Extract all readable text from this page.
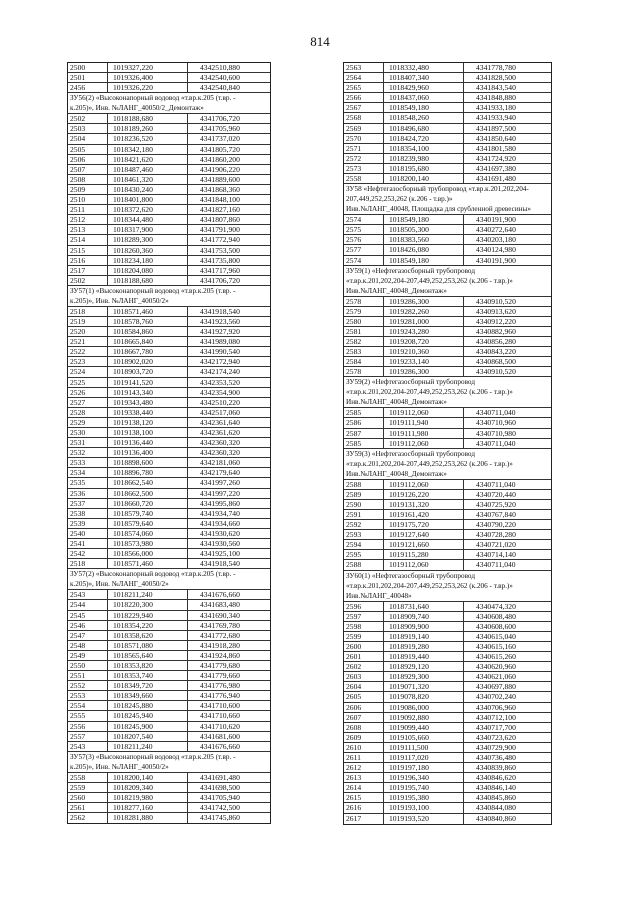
814
2500	1019327,220	4342510,880
2501	1019326,400	4342540,600
2456	1019326,220	4342540,840
ЗУ56(2) «Высоконапорный водовод «т.вр.к.205 (т.вр. -
к.205)», Инв. №ЛАНГ_40050/2_Демонтаж»
2502	1018188,680	4341706,720
2503	1018189,260	4341705,960
2504	1018236,520	4341737,020
2505	1018342,180	4341805,720
2506	1018421,620	4341860,200
2507	1018487,460	4341906,220
2508	1018461,320	4341889,600
2509	1018430,240	4341868,360
2510	1018401,800	4341848,100
2511	1018372,620	4341827,160
2512	1018344,480	4341807,860
2513	1018317,900	4341791,900
2514	1018289,300	4341772,940
2515	1018260,360	4341753,500
2516	1018234,180	4341735,800
2517	1018204,080	4341717,960
2502	1018188,680	4341706,720
ЗУ57(1) «Высоконапорный водовод «т.вр.к.205 (т.вр. -
к.205)», Инв. №ЛАНГ_40050/2»
2518	1018571,460	4341918,540
2519	1018578,760	4341923,560
2520	1018584,860	4341927,920
2521	1018665,840	4341989,080
2522	1018667,780	4341990,540
2523	1018902,020	4342172,940
2524	1018903,720	4342174,240
2525	1019141,520	4342353,520
2526	1019143,340	4342354,900
2527	1019343,480	4342510,220
2528	1019338,440	4342517,060
2529	1019138,120	4342361,640
2530	1019138,100	4342361,620
2531	1019136,440	4342360,320
2532	1019136,400	4342360,320
2533	1018898,600	4342181,060
2534	1018896,780	4342179,640
2535	1018662,540	4341997,260
2536	1018662,500	4341997,220
2537	1018660,720	4341995,860
2538	1018579,740	4341934,740
2539	1018579,640	4341934,660
2540	1018574,060	4341930,620
2541	1018573,980	4341930,560
2542	1018566,000	4341925,100
2518	1018571,460	4341918,540
ЗУ57(2) «Высоконапорный водовод «т.вр.к.205 (т.вр. -
к.205)», Инв. №ЛАНГ_40050/2»
2543	1018211,240	4341676,660
2544	1018220,300	4341683,480
2545	1018229,940	4341690,340
2546	1018354,220	4341769,780
2547	1018358,620	4341772,680
2548	1018571,080	4341918,280
2549	1018565,640	4341924,860
2550	1018353,820	4341779,680
2551	1018353,740	4341779,660
2552	1018349,720	4341776,980
2553	1018349,660	4341776,940
2554	1018245,880	4341710,600
2555	1018245,940	4341710,660
2556	1018245,900	4341710,620
2557	1018207,540	4341681,600
2543	1018211,240	4341676,660
ЗУ57(3) «Высоконапорный водовод «т.вр.к.205 (т.вр. -
к.205)», Инв. №ЛАНГ_40050/2»
2558	1018200,140	4341691,480
2559	1018209,340	4341698,500
2560	1018219,980	4341705,940
2561	1018277,160	4341742,500
2562	1018281,880	4341745,860
2563	1018332,480	4341778,780
2564	1018407,340	4341828,500
2565	1018429,960	4341843,540
2566	1018437,060	4341848,880
2567	1018549,180	4341933,180
2568	1018548,260	4341933,940
2569	1018496,680	4341897,500
2570	1018424,720	4341850,640
2571	1018354,100	4341801,580
2572	1018239,980	4341724,920
2573	1018195,680	4341697,380
2558	1018200,140	4341691,480
ЗУ58 «Нефтегазосборный трубопровод «т.вр.к.201,202,204-
207,449,252,253,262 (к.206 - т.вр.)»
Инв.№ЛАНГ_40048, Площадка для срубленной древесины»
2574	1018549,180	4340191,900
2575	1018505,300	4340272,640
2576	1018383,560	4340203,180
2577	1018426,080	4340124,980
2574	1018549,180	4340191,900
ЗУ59(1) «Нефтегазосборный трубопровод
«т.вр.к.201,202,204-207,449,252,253,262 (к.206 - т.вр.)»
Инв.№ЛАНГ_40048_Демонтаж»
2578	1019286,300	4340910,520
2579	1019282,260	4340913,620
2580	1019281,000	4340912,220
2581	1019243,280	4340882,960
2582	1019208,720	4340856,280
2583	1019210,360	4340843,220
2584	1019233,140	4340868,500
2578	1019286,300	4340910,520
ЗУ59(2) «Нефтегазосборный трубопровод
«т.вр.к.201,202,204-207,449,252,253,262 (к.206 - т.вр.)»
Инв.№ЛАНГ_40048_Демонтаж»
2585	1019112,060	4340711,040
2586	1019111,940	4340710,960
2587	1019111,980	4340710,980
2585	1019112,060	4340711,040
ЗУ59(3) «Нефтегазосборный трубопровод
«т.вр.к.201,202,204-207,449,252,253,262 (к.206 - т.вр.)»
Инв.№ЛАНГ_40048_Демонтаж»
2588	1019112,060	4340711,040
2589	1019126,220	4340720,440
2590	1019131,320	4340725,920
2591	1019161,420	4340767,840
2592	1019175,720	4340790,220
2593	1019127,640	4340728,280
2594	1019121,660	4340721,020
2595	1019115,280	4340714,140
2588	1019112,060	4340711,040
ЗУ60(1) «Нефтегазосборный трубопровод
«т.вр.к.201,202,204-207,449,252,253,262 (к.206 - т.вр.)»
Инв.№ЛАНГ_40048»
2596	1018731,640	4340474,320
2597	1018909,740	4340608,480
2598	1018909,900	4340608,600
2599	1018919,140	4340615,040
2600	1018919,280	4340615,160
2601	1018919,440	4340615,260
2602	1018929,120	4340620,960
2603	1018929,300	4340621,060
2604	1019071,320	4340697,880
2605	1019078,820	4340702,240
2606	1019086,000	4340706,960
2607	1019092,880	4340712,100
2608	1019099,440	4340717,700
2609	1019105,660	4340723,620
2610	1019111,500	4340729,900
2611	1019117,020	4340736,480
2612	1019197,180	4340839,860
2613	1019196,340	4340846,620
2614	1019195,740	4340846,140
2615	1019195,380	4340845,860
2616	1019193,100	4340844,080
2617	1019193,520	4340840,860
